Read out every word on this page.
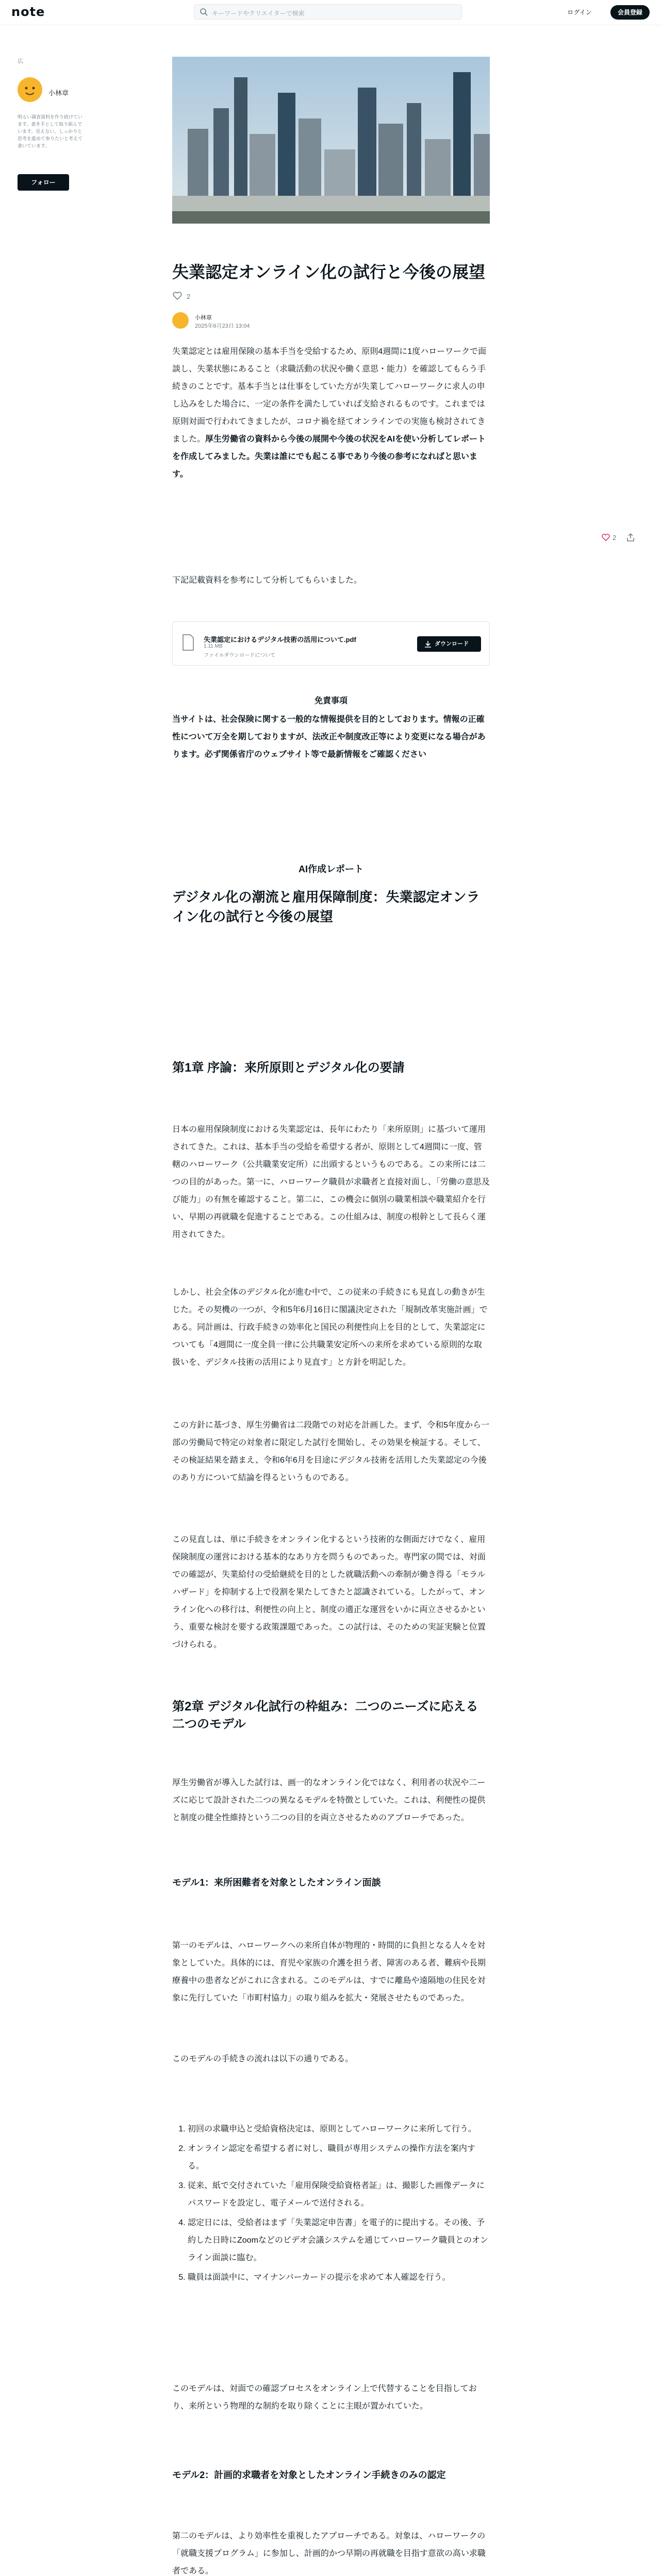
note	キーワードやクリエイターで検索	ログイン	会員登録
広
小林章
明るい調査資料を作り続けています。書き手として取り組んでいます。見えない、しっかりと思考を進めて参りたいと考えて書いています。
フォロー
失業認定オンライン化の試行と今後の展望
2
小林章
2025年6月23日 13:04
失業認定とは雇用保険の基本手当を受給するため、原則4週間に1度ハローワークで面談し、失業状態にあること（求職活動の状況や働く意思・能力）を確認してもらう手続きのことです。基本手当とは仕事をしていた方が失業してハローワークに求人の申し込みをした場合に、一定の条件を満たしていれば支給されるものです。これまでは原則対面で行われてきましたが、コロナ禍を経てオンラインでの実施も検討されてきました。厚生労働省の資料から今後の展開や今後の状況をAIを使い分析してレポートを作成してみました。失業は誰にでも起こる事であり今後の参考になればと思います。
下記記載資料を参考にして分析してもらいました。
失業認定におけるデジタル技術の活用について.pdf
1.11 MB
ファイルダウンロードについて
ダウンロード
免責事項
当サイトは、社会保険に関する一般的な情報提供を目的としております。情報の正確性について万全を期しておりますが、法改正や制度改正等により変更になる場合があります。必ず関係省庁のウェブサイト等で最新情報をご確認ください
AI作成レポート
デジタル化の潮流と雇用保障制度：失業認定オンライン化の試行と今後の展望
第1章 序論：来所原則とデジタル化の要請
日本の雇用保険制度における失業認定は、長年にわたり「来所原則」に基づいて運用されてきた。これは、基本手当の受給を希望する者が、原則として4週間に一度、管轄のハローワーク（公共職業安定所）に出頭するというものである。この来所には二つの目的があった。第一に、ハローワーク職員が求職者と直接対面し、「労働の意思及び能力」の有無を確認すること。第二に、この機会に個別の職業相談や職業紹介を行い、早期の再就職を促進することである。この仕組みは、制度の根幹として長らく運用されてきた。
しかし、社会全体のデジタル化が進む中で、この従来の手続きにも見直しの動きが生じた。その契機の一つが、令和5年6月16日に閣議決定された「規制改革実施計画」である。同計画は、行政手続きの効率化と国民の利便性向上を目的として、失業認定についても「4週間に一度全員一律に公共職業安定所への来所を求めている原則的な取扱いを、デジタル技術の活用により見直す」と方針を明記した。
この方針に基づき、厚生労働省は二段階での対応を計画した。まず、令和5年度から一部の労働局で特定の対象者に限定した試行を開始し、その効果を検証する。そして、その検証結果を踏まえ、令和6年6月を目途にデジタル技術を活用した失業認定の今後のあり方について結論を得るというものである。
この見直しは、単に手続きをオンライン化するという技術的な側面だけでなく、雇用保険制度の運営における基本的なあり方を問うものであった。専門家の間では、対面での確認が、失業給付の受給継続を目的とした就職活動への牽制が働き得る「モラルハザード」を抑制する上で役割を果たしてきたと認識されている。したがって、オンライン化への移行は、利便性の向上と、制度の適正な運営をいかに両立させるかという、重要な検討を要する政策課題であった。この試行は、そのための実証実験と位置づけられる。
第2章 デジタル化試行の枠組み：二つのニーズに応える二つのモデル
厚生労働省が導入した試行は、画一的なオンライン化ではなく、利用者の状況や二ーズに応じて設計された二つの異なるモデルを特徴としていた。これは、利便性の提供と制度の健全性維持という二つの目的を両立させるためのアプローチであった。
モデル1：来所困難者を対象としたオンライン面談
第一のモデルは、ハローワークへの来所自体が物理的・時間的に負担となる人々を対象としていた。具体的には、育児や家族の介護を担う者、障害のある者、難病や長期療養中の患者などがこれに含まれる。このモデルは、すでに離島や遠隔地の住民を対象に先行していた「市町村協力」の取り組みを拡大・発展させたものであった。
このモデルの手続きの流れは以下の通りである。
1. 初回の求職申込と受給資格決定は、原則としてハローワークに来所して行う。
2. オンライン認定を希望する者に対し、職員が専用システムの操作方法を案内する。
3. 従来、紙で交付されていた「雇用保険受給資格者証」は、撮影した画像データにパスワードを設定し、電子メールで送付される。
4. 認定日には、受給者はまず「失業認定申告書」を電子的に提出する。その後、予約した日時にZoomなどのビデオ会議システムを通じてハローワーク職員とのオンライン面談に臨む。
5. 職員は面談中に、マイナンバーカードの提示を求めて本人確認を行う。
このモデルは、対面での確認プロセスをオンライン上で代替することを目指しており、来所という物理的な制約を取り除くことに主眼が置かれていた。
モデル2：計画的求職者を対象としたオンライン手続きのみの認定
第二のモデルは、より効率性を重視したアプローチである。対象は、ハローワークの「就職支援プログラム」に参加し、計画的かつ早期の再就職を目指す意欲の高い求職者である。
2
